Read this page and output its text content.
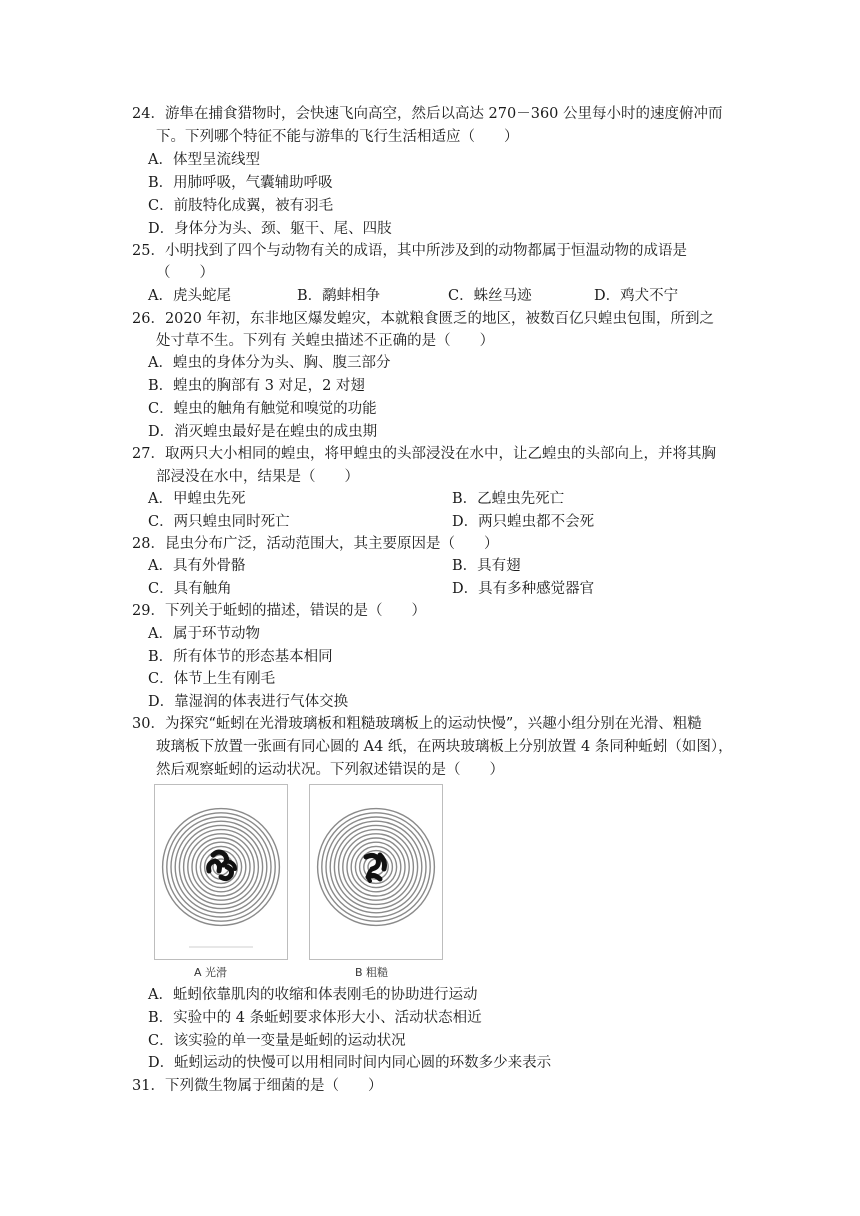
24．游隼在捕食猎物时，会快速飞向高空，然后以高达 270－360 公里每小时的速度俯冲而
下。下列哪个特征不能与游隼的飞行生活相适应（　　）
A．体型呈流线型
B．用肺呼吸，气囊辅助呼吸
C．前肢特化成翼，被有羽毛
D．身体分为头、颈、躯干、尾、四肢
25．小明找到了四个与动物有关的成语，其中所涉及到的动物都属于恒温动物的成语是
（　　）
A．虎头蛇尾	B．鹬蚌相争	C．蛛丝马迹	D．鸡犬不宁
26．2020 年初，东非地区爆发蝗灾，本就粮食匮乏的地区，被数百亿只蝗虫包围，所到之
处寸草不生。下列有 关蝗虫描述不正确的是（　　）
A．蝗虫的身体分为头、胸、腹三部分
B．蝗虫的胸部有 3 对足，2 对翅
C．蝗虫的触角有触觉和嗅觉的功能
D．消灭蝗虫最好是在蝗虫的成虫期
27．取两只大小相同的蝗虫，将甲蝗虫的头部浸没在水中，让乙蝗虫的头部向上，并将其胸
部浸没在水中，结果是（　　）
A．甲蝗虫先死	B．乙蝗虫先死亡
C．两只蝗虫同时死亡	D．两只蝗虫都不会死
28．昆虫分布广泛，活动范围大，其主要原因是（　　）
A．具有外骨骼	B．具有翅
C．具有触角	D．具有多种感觉器官
29．下列关于蚯蚓的描述，错误的是（　　）
A．属于环节动物
B．所有体节的形态基本相同
C．体节上生有刚毛
D．靠湿润的体表进行气体交换
30．为探究“蚯蚓在光滑玻璃板和粗糙玻璃板上的运动快慢”，兴趣小组分别在光滑、粗糙
玻璃板下放置一张画有同心圆的 A4 纸，在两块玻璃板上分别放置 4 条同种蚯蚓（如图），
然后观察蚯蚓的运动状况。下列叙述错误的是（　　）
A 光滑	B 粗糙
A．蚯蚓依靠肌肉的收缩和体表刚毛的协助进行运动
B．实验中的 4 条蚯蚓要求体形大小、活动状态相近
C．该实验的单一变量是蚯蚓的运动状况
D．蚯蚓运动的快慢可以用相同时间内同心圆的环数多少来表示
31．下列微生物属于细菌的是（　　）
